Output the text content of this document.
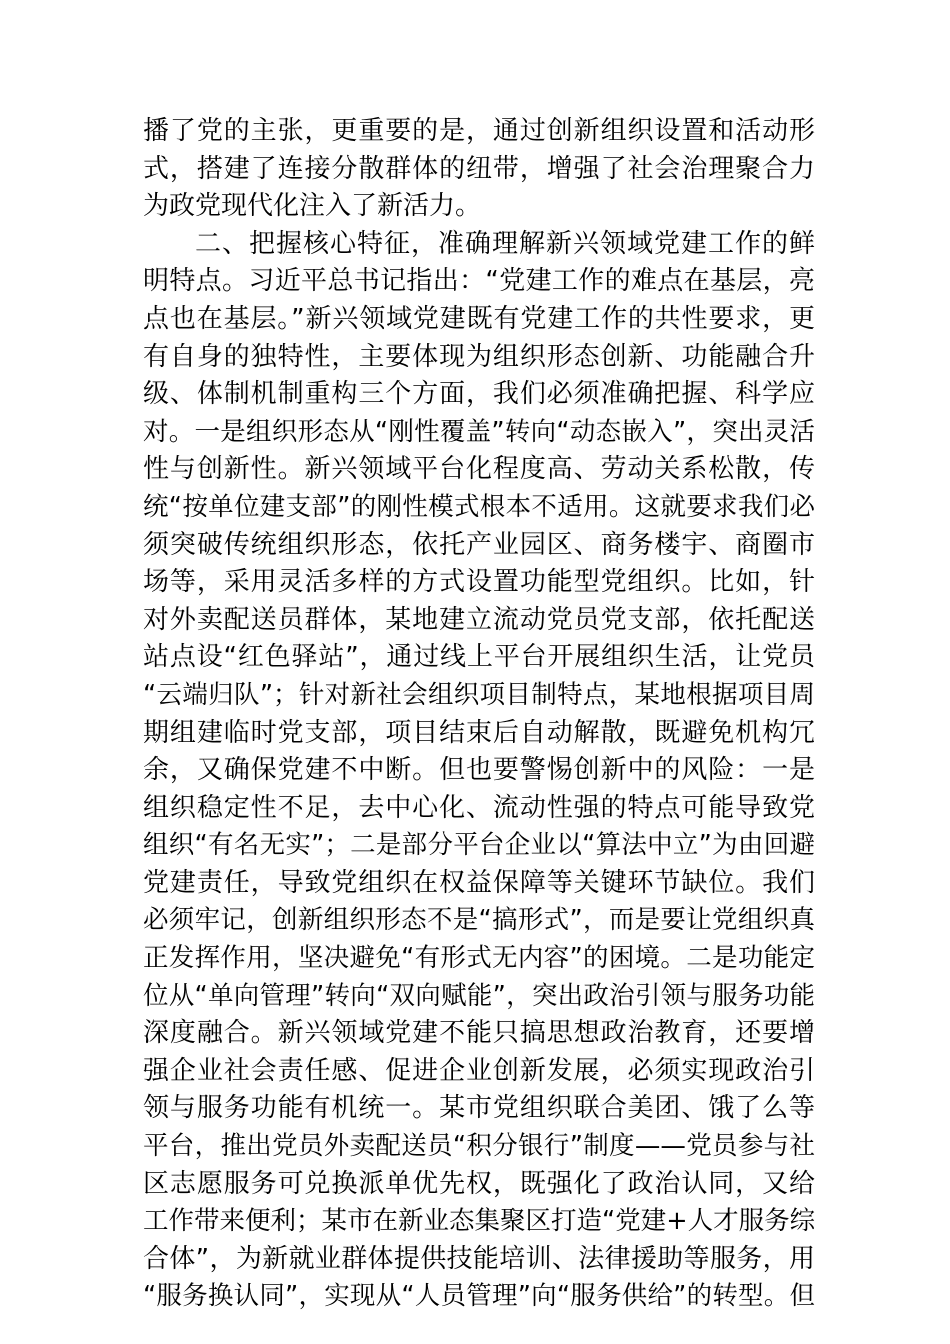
播了党的主张，更重要的是，通过创新组织设置和活动形
式，搭建了连接分散群体的纽带，增强了社会治理聚合力
为政党现代化注入了新活力。
二、把握核心特征，准确理解新兴领域党建工作的鲜
明特点。习近平总书记指出：“党建工作的难点在基层，亮
点也在基层。”新兴领域党建既有党建工作的共性要求，更
有自身的独特性，主要体现为组织形态创新、功能融合升
级、体制机制重构三个方面，我们必须准确把握、科学应
对。一是组织形态从“刚性覆盖”转向“动态嵌入”，突出灵活
性与创新性。新兴领域平台化程度高、劳动关系松散，传
统“按单位建支部”的刚性模式根本不适用。这就要求我们必
须突破传统组织形态，依托产业园区、商务楼宇、商圈市
场等，采用灵活多样的方式设置功能型党组织。比如，针
对外卖配送员群体，某地建立流动党员党支部，依托配送
站点设“红色驿站”，通过线上平台开展组织生活，让党员
“云端归队”；针对新社会组织项目制特点，某地根据项目周
期组建临时党支部，项目结束后自动解散，既避免机构冗
余，又确保党建不中断。但也要警惕创新中的风险：一是
组织稳定性不足，去中心化、流动性强的特点可能导致党
组织“有名无实”；二是部分平台企业以“算法中立”为由回避
党建责任，导致党组织在权益保障等关键环节缺位。我们
必须牢记，创新组织形态不是“搞形式”，而是要让党组织真
正发挥作用，坚决避免“有形式无内容”的困境。二是功能定
位从“单向管理”转向“双向赋能”，突出政治引领与服务功能
深度融合。新兴领域党建不能只搞思想政治教育，还要增
强企业社会责任感、促进企业创新发展，必须实现政治引
领与服务功能有机统一。某市党组织联合美团、饿了么等
平台，推出党员外卖配送员“积分银行”制度——党员参与社
区志愿服务可兑换派单优先权，既强化了政治认同，又给
工作带来便利；某市在新业态集聚区打造“党建+人才服务综
合体”，为新就业群体提供技能培训、法律援助等服务，用
“服务换认同”，实现从“人员管理”向“服务供给”的转型。但
